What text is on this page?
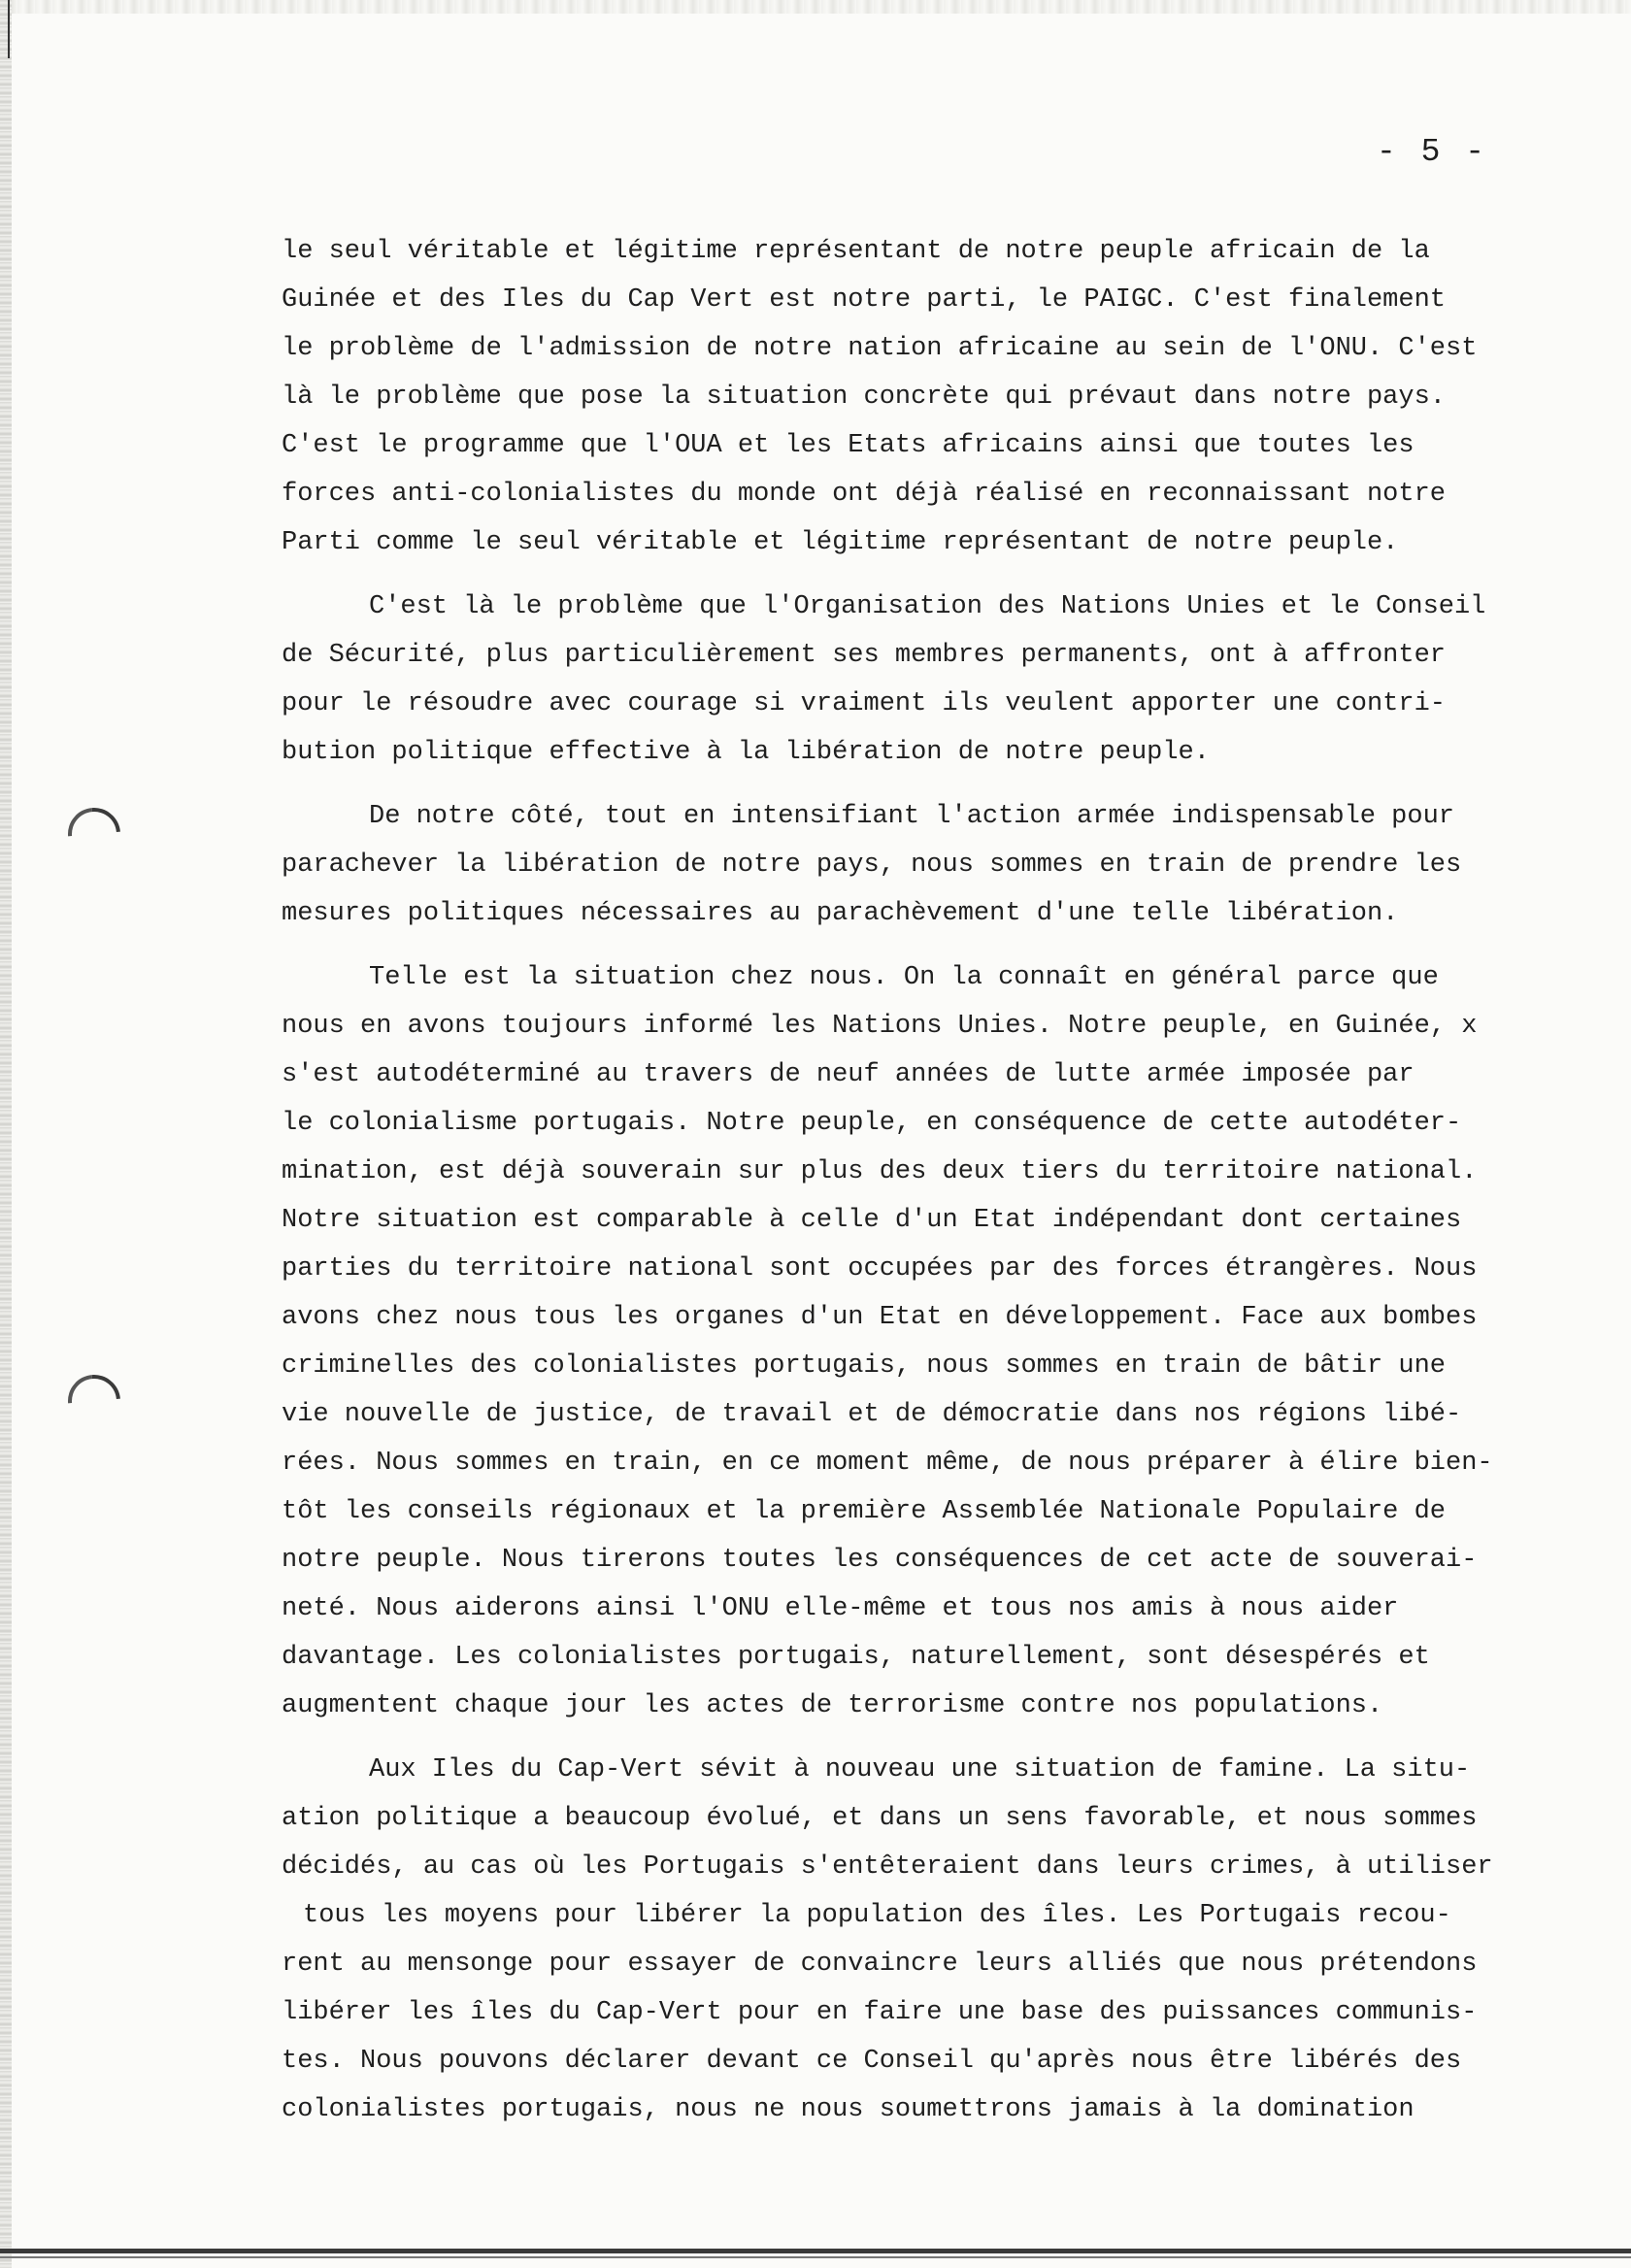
- 5 -
le seul véritable et légitime représentant de notre peuple africain de la
Guinée et des Iles du Cap Vert est notre parti, le PAIGC. C'est finalement
le problème de l'admission de notre nation africaine au sein de l'ONU. C'est
là le problème que pose la situation concrète qui prévaut dans notre pays.
C'est le programme que l'OUA et les Etats africains ainsi que toutes les
forces anti-colonialistes du monde ont déjà réalisé en reconnaissant notre
Parti comme le seul véritable et légitime représentant de notre peuple.
C'est là le problème que l'Organisation des Nations Unies et le Conseil
de Sécurité, plus particulièrement ses membres permanents, ont à affronter
pour le résoudre avec courage si vraiment ils veulent apporter une contri-
bution politique effective à la libération de notre peuple.
De notre côté, tout en intensifiant l'action armée indispensable pour
parachever la libération de notre pays, nous sommes en train de prendre les
mesures politiques nécessaires au parachèvement d'une telle libération.
Telle est la situation chez nous. On la connaît en général parce que
nous en avons toujours informé les Nations Unies. Notre peuple, en Guinée, x
s'est autodéterminé au travers de neuf années de lutte armée imposée par
le colonialisme portugais. Notre peuple, en conséquence de cette autodéter-
mination, est déjà souverain sur plus des deux tiers du territoire national.
Notre situation est comparable à celle d'un Etat indépendant dont certaines
parties du territoire national sont occupées par des forces étrangères. Nous
avons chez nous tous les organes d'un Etat en développement. Face aux bombes
criminelles des colonialistes portugais, nous sommes en train de bâtir une
vie nouvelle de justice, de travail et de démocratie dans nos régions libé-
rées. Nous sommes en train, en ce moment même, de nous préparer à élire bien-
tôt les conseils régionaux et la première Assemblée Nationale Populaire de
notre peuple. Nous tirerons toutes les conséquences de cet acte de souverai-
neté. Nous aiderons ainsi l'ONU elle-même et tous nos amis à nous aider
davantage. Les colonialistes portugais, naturellement, sont désespérés et
augmentent chaque jour les actes de terrorisme contre nos populations.
Aux Iles du Cap-Vert sévit à nouveau une situation de famine. La situ-
ation politique a beaucoup évolué, et dans un sens favorable, et nous sommes
décidés, au cas où les Portugais s'entêteraient dans leurs crimes, à utiliser
tous les moyens pour libérer la population des îles. Les Portugais recou-
rent au mensonge pour essayer de convaincre leurs alliés que nous prétendons
libérer les îles du Cap-Vert pour en faire une base des puissances communis-
tes. Nous pouvons déclarer devant ce Conseil qu'après nous être libérés des
colonialistes portugais, nous ne nous soumettrons jamais à la domination
